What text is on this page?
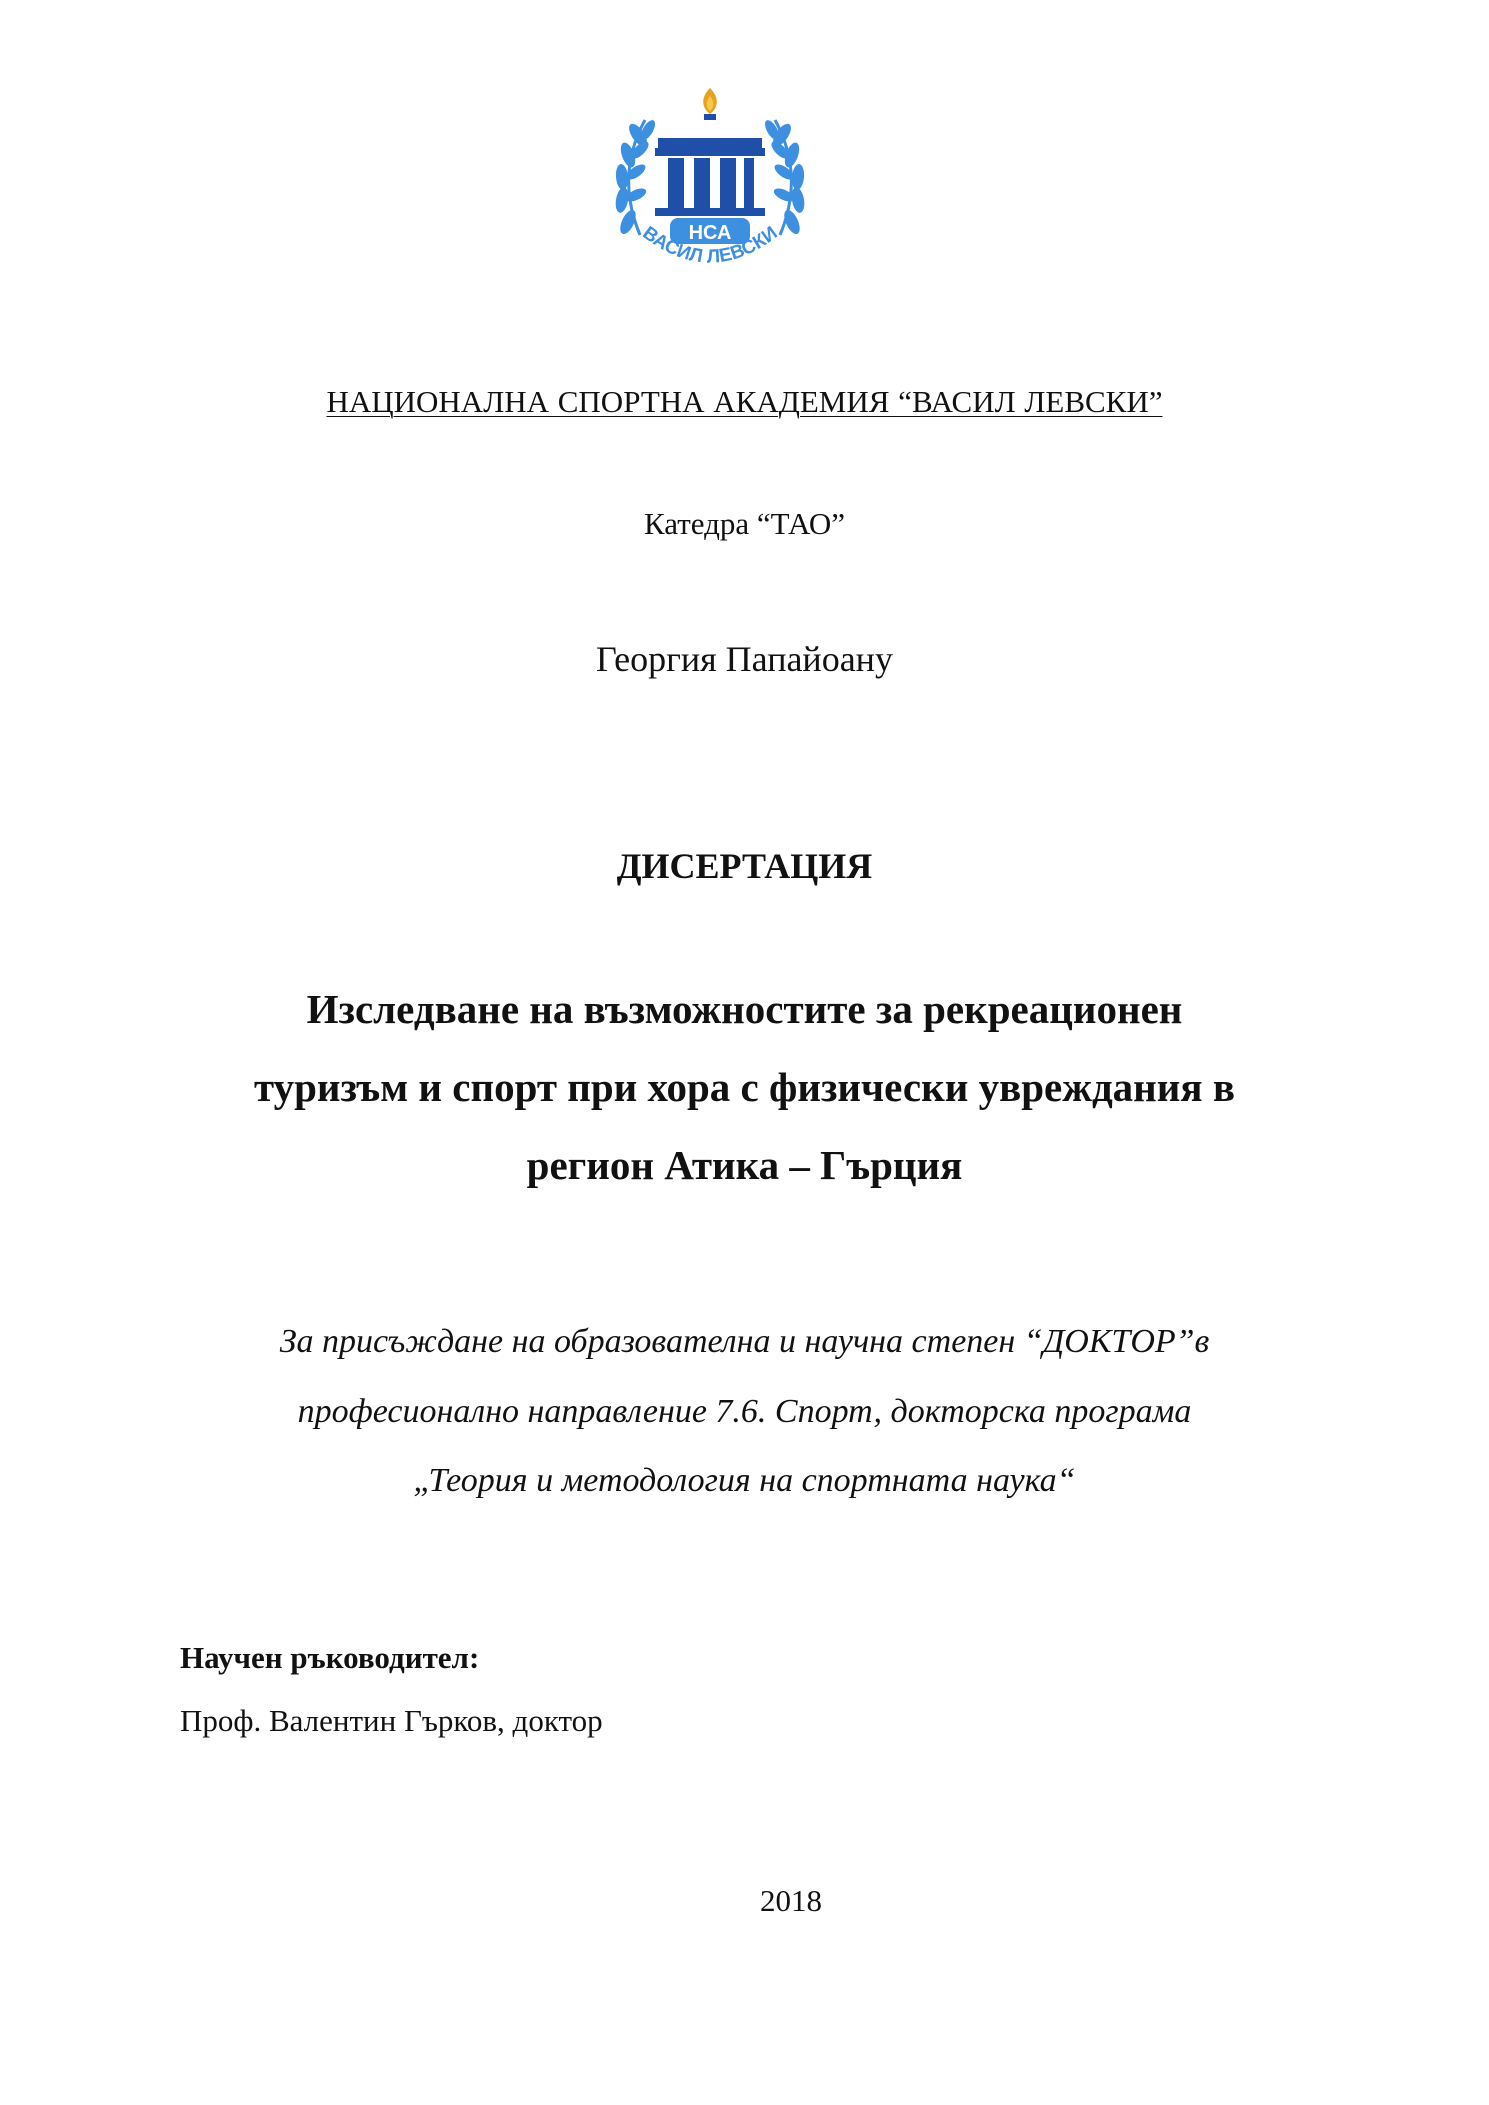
НСА
ВАСИЛ ЛЕВСКИ
НАЦИОНАЛНА СПОРТНА АКАДЕМИЯ “ВАСИЛ ЛЕВСКИ”
Катедра “ТАО”
Георгия Папайоану
ДИСЕРТАЦИЯ
Изследване на възможностите за рекреационен
туризъм и спорт при хора с физически увреждания в
регион Атика – Гърция
За присъждане на образователна и научна степен “ДОКТОР”в
професионално направление 7.6. Спорт, докторска програма
„Теория и методология на спортната наука“
Научен ръководител:
Проф. Валентин Гърков, доктор
2018
